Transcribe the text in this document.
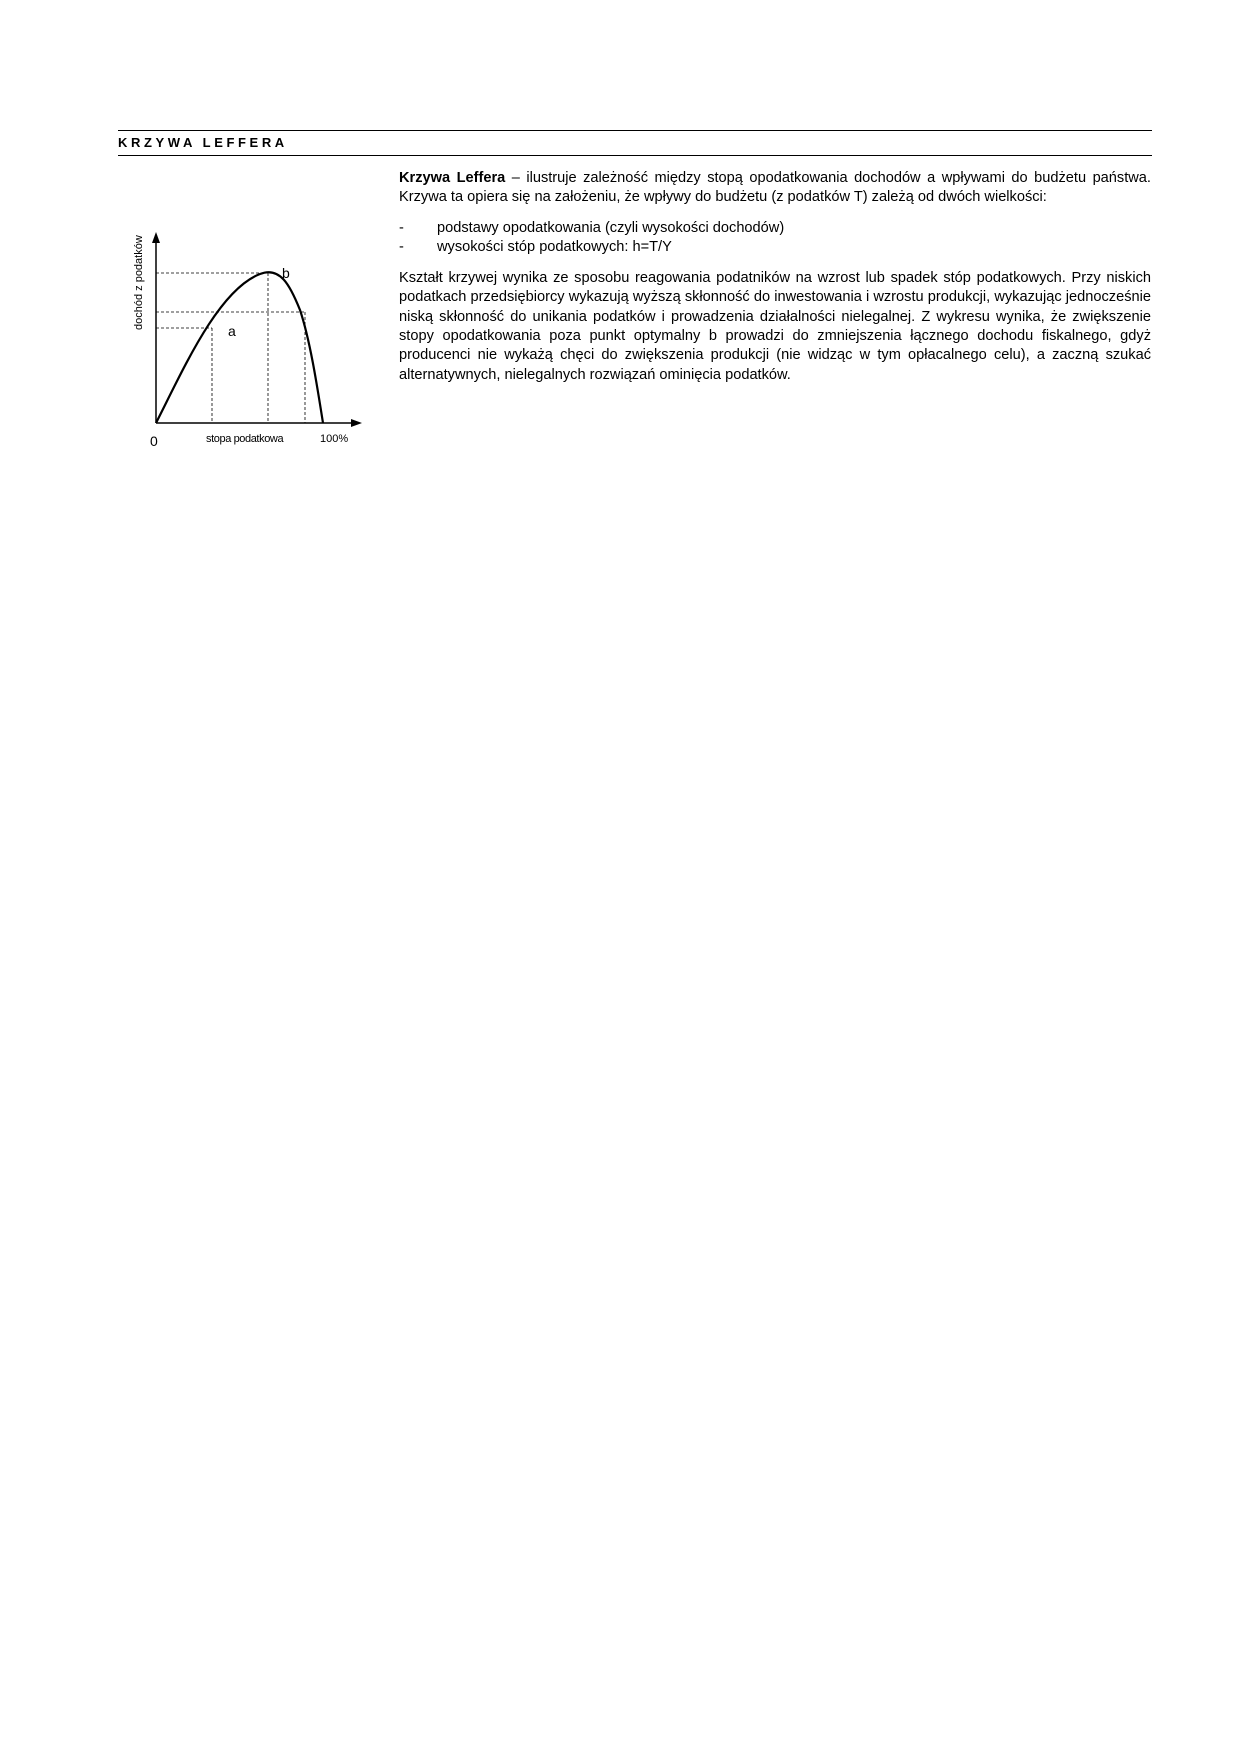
KRZYWA LEFFERA
dochód z podatków
0	stopa podatkowa	100%
a
b

Krzywa Leffera – ilustruje zależność między stopą opodatkowania dochodów a wpływami do budżetu państwa. Krzywa ta opiera się na założeniu, że wpływy do budżetu (z podatków T) zależą od dwóch wielkości:

- podstawy opodatkowania (czyli wysokości dochodów)
- wysokości stóp podatkowych: h=T/Y

Kształt krzywej wynika ze sposobu reagowania podatników na wzrost lub spadek stóp podatkowych. Przy niskich podatkach przedsiębiorcy wykazują wyższą skłonność do inwestowania i wzrostu produkcji, wykazując jednocześnie niską skłonność do unikania podatków i prowadzenia działalności nielegalnej. Z wykresu wynika, że zwiększenie stopy opodatkowania poza punkt optymalny b prowadzi do zmniejszenia łącznego dochodu fiskalnego, gdyż producenci nie wykażą chęci do zwiększenia produkcji (nie widząc w tym opłacalnego celu), a zaczną szukać alternatywnych, nielegalnych rozwiązań ominięcia podatków.
